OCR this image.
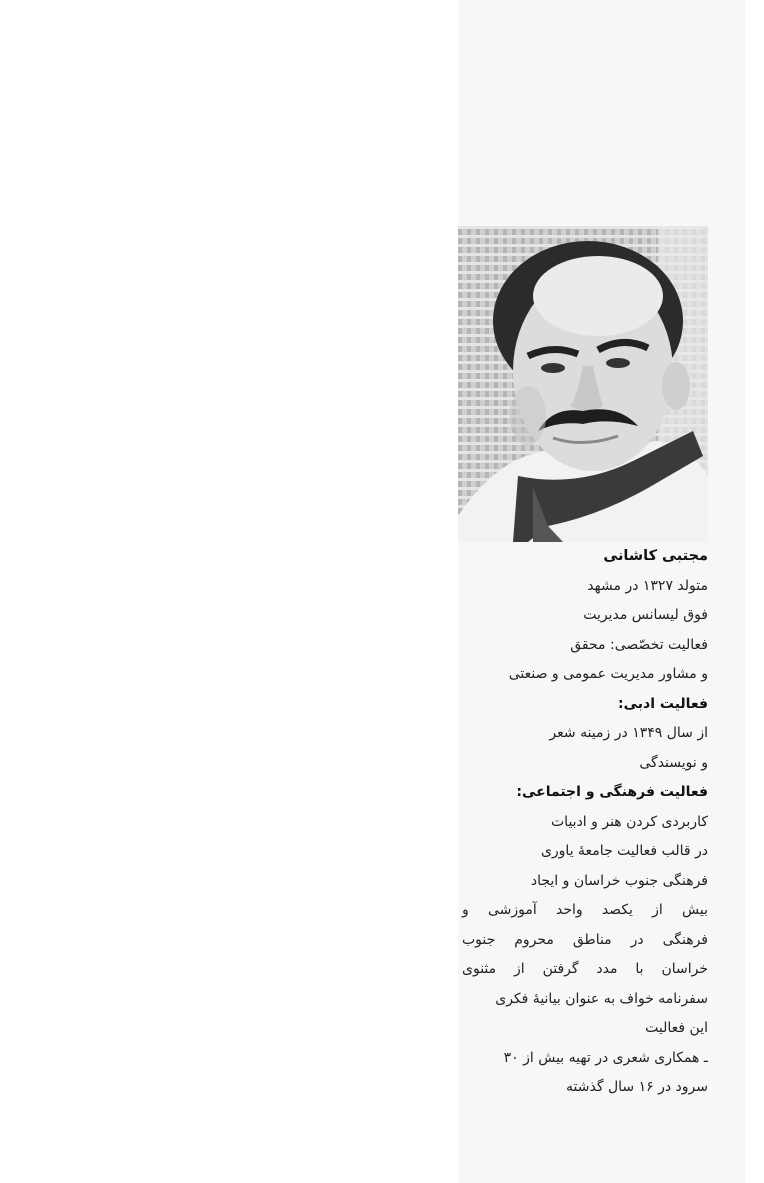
مجتبی کاشانی
متولد ۱۳۲۷ در مشهد
فوق لیسانس مدیریت
فعالیت تخصّصی: محقق
و مشاور مدیریت عمومی و صنعتی
فعالیت ادبی:
از سال ۱۳۴۹ در زمینه شعر
و نویسندگی
فعالیت فرهنگی و اجتماعی:
کاربردی کردن هنر و ادبیات
در قالب فعالیت جامعهٔ یاوری
فرهنگی جنوب خراسان و ایجاد
بیش از یکصد واحد آموزشی و
فرهنگی در مناطق محروم جنوب
خراسان با مدد گرفتن از مثنوی
سفرنامه خواف به عنوان بیانیهٔ فکری
این فعالیت
ـ همکاری شعری در تهیه بیش از ۳۰
سرود در ۱۶ سال گذشته
